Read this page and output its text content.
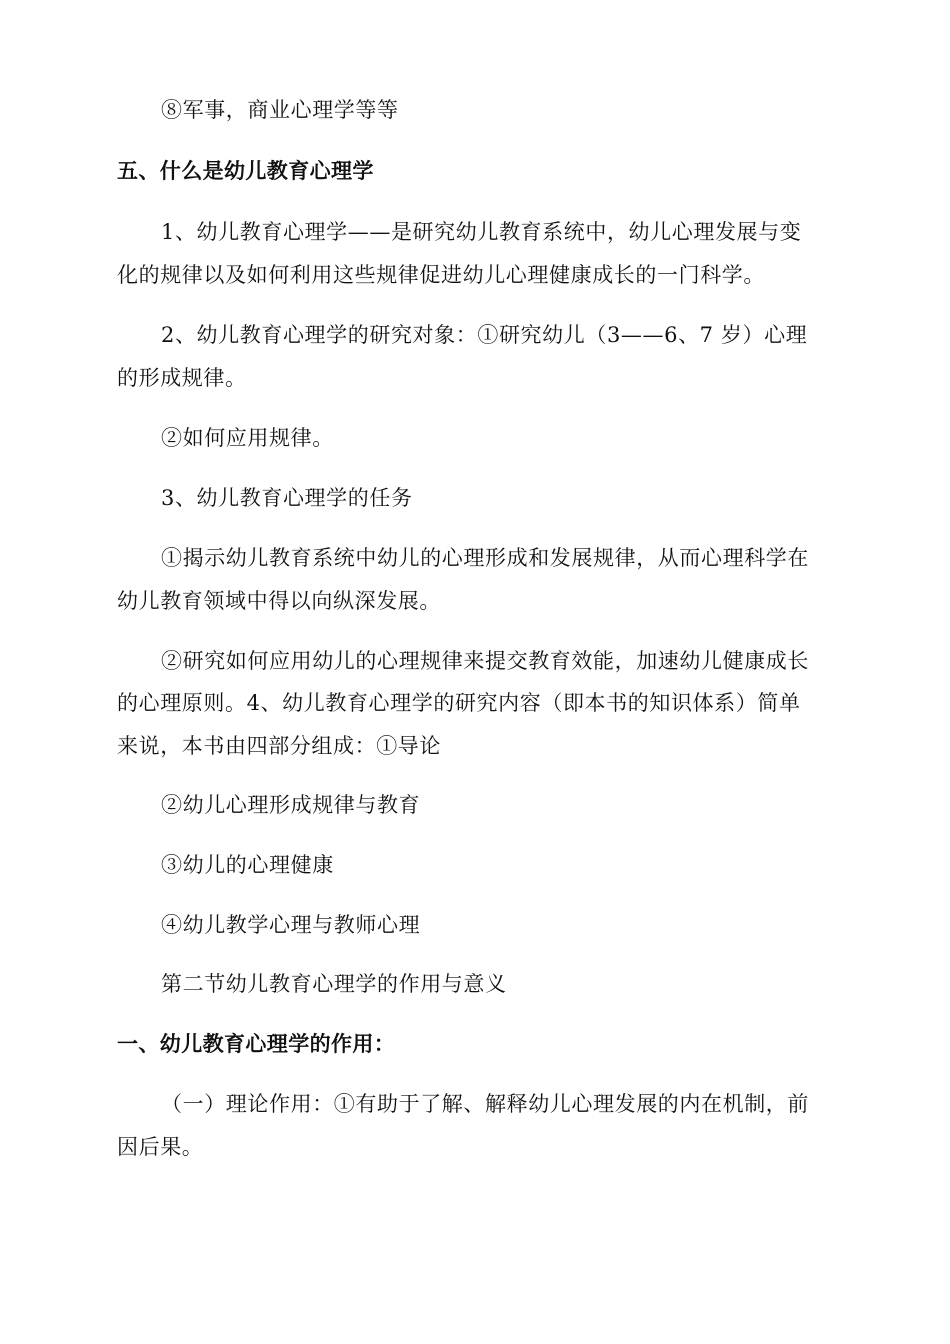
⑧军事，商业心理学等等
五、什么是幼儿教育心理学
1、幼儿教育心理学——是研究幼儿教育系统中，幼儿心理发展与变
化的规律以及如何利用这些规律促进幼儿心理健康成长的一门科学。
2、幼儿教育心理学的研究对象：①研究幼儿（3——6、7 岁）心理
的形成规律。
②如何应用规律。
3、幼儿教育心理学的任务
①揭示幼儿教育系统中幼儿的心理形成和发展规律，从而心理科学在
幼儿教育领域中得以向纵深发展。
②研究如何应用幼儿的心理规律来提交教育效能，加速幼儿健康成长
的心理原则。4、幼儿教育心理学的研究内容（即本书的知识体系）简单
来说，本书由四部分组成：①导论
②幼儿心理形成规律与教育
③幼儿的心理健康
④幼儿教学心理与教师心理
第二节幼儿教育心理学的作用与意义
一、幼儿教育心理学的作用：
（一）理论作用：①有助于了解、解释幼儿心理发展的内在机制，前
因后果。
